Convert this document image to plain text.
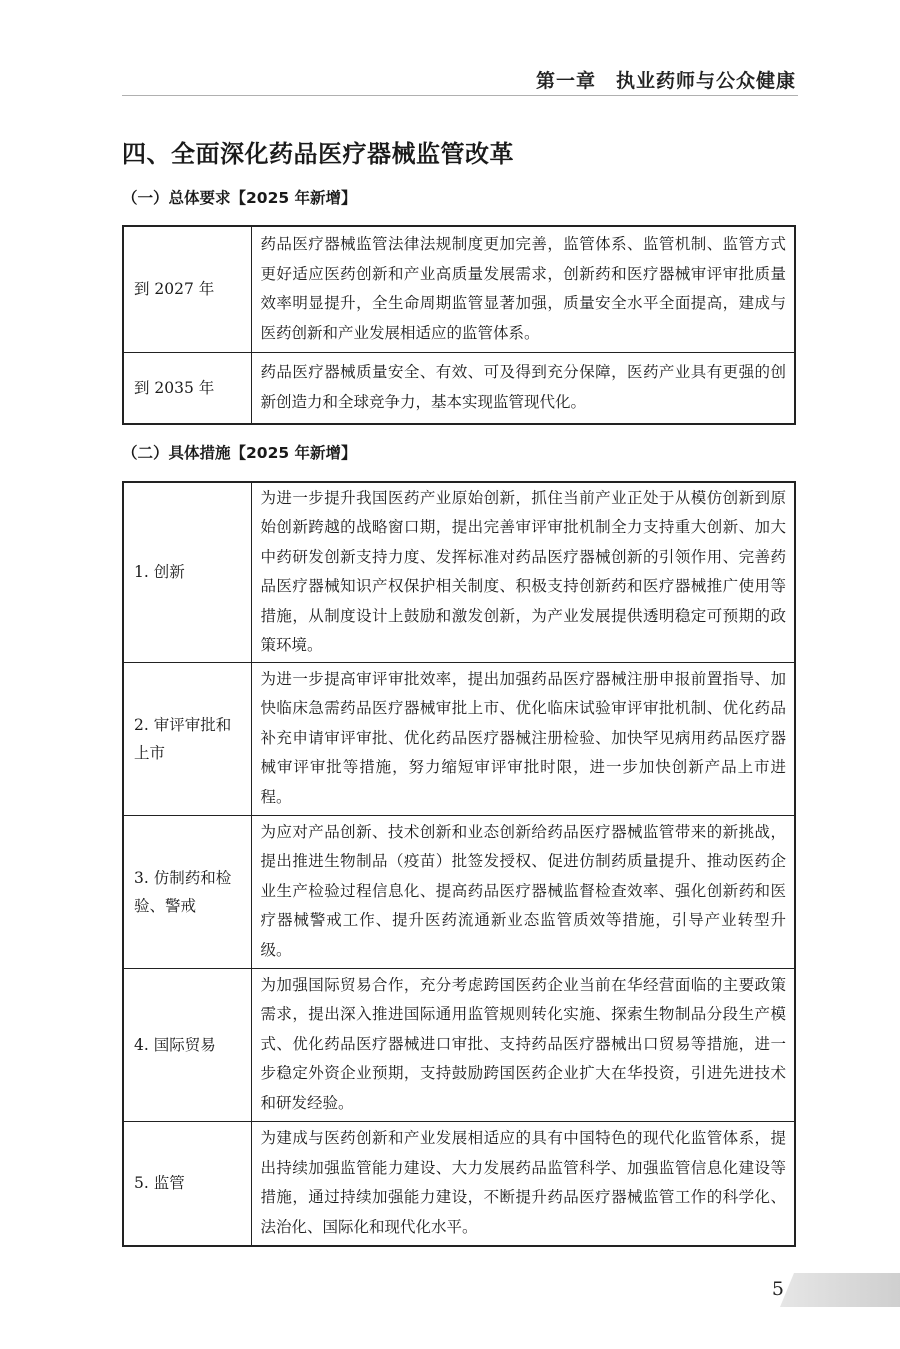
第一章　执业药师与公众健康
四、全面深化药品医疗器械监管改革
（一）总体要求【2025 年新增】
到 2027 年	药品医疗器械监管法律法规制度更加完善，监管体系、监管机制、监管方式更好适应医药创新和产业高质量发展需求，创新药和医疗器械审评审批质量效率明显提升，全生命周期监管显著加强，质量安全水平全面提高，建成与医药创新和产业发展相适应的监管体系。
到 2035 年	药品医疗器械质量安全、有效、可及得到充分保障，医药产业具有更强的创新创造力和全球竞争力，基本实现监管现代化。
（二）具体措施【2025 年新增】
1. 创新	为进一步提升我国医药产业原始创新，抓住当前产业正处于从模仿创新到原始创新跨越的战略窗口期，提出完善审评审批机制全力支持重大创新、加大中药研发创新支持力度、发挥标准对药品医疗器械创新的引领作用、完善药品医疗器械知识产权保护相关制度、积极支持创新药和医疗器械推广使用等措施，从制度设计上鼓励和激发创新，为产业发展提供透明稳定可预期的政策环境。
2. 审评审批和上市	为进一步提高审评审批效率，提出加强药品医疗器械注册申报前置指导、加快临床急需药品医疗器械审批上市、优化临床试验审评审批机制、优化药品补充申请审评审批、优化药品医疗器械注册检验、加快罕见病用药品医疗器械审评审批等措施，努力缩短审评审批时限，进一步加快创新产品上市进程。
3. 仿制药和检验、警戒	为应对产品创新、技术创新和业态创新给药品医疗器械监管带来的新挑战，提出推进生物制品（疫苗）批签发授权、促进仿制药质量提升、推动医药企业生产检验过程信息化、提高药品医疗器械监督检查效率、强化创新药和医疗器械警戒工作、提升医药流通新业态监管质效等措施，引导产业转型升级。
4. 国际贸易	为加强国际贸易合作，充分考虑跨国医药企业当前在华经营面临的主要政策需求，提出深入推进国际通用监管规则转化实施、探索生物制品分段生产模式、优化药品医疗器械进口审批、支持药品医疗器械出口贸易等措施，进一步稳定外资企业预期，支持鼓励跨国医药企业扩大在华投资，引进先进技术和研发经验。
5. 监管	为建成与医药创新和产业发展相适应的具有中国特色的现代化监管体系，提出持续加强监管能力建设、大力发展药品监管科学、加强监管信息化建设等措施，通过持续加强能力建设，不断提升药品医疗器械监管工作的科学化、法治化、国际化和现代化水平。
5
